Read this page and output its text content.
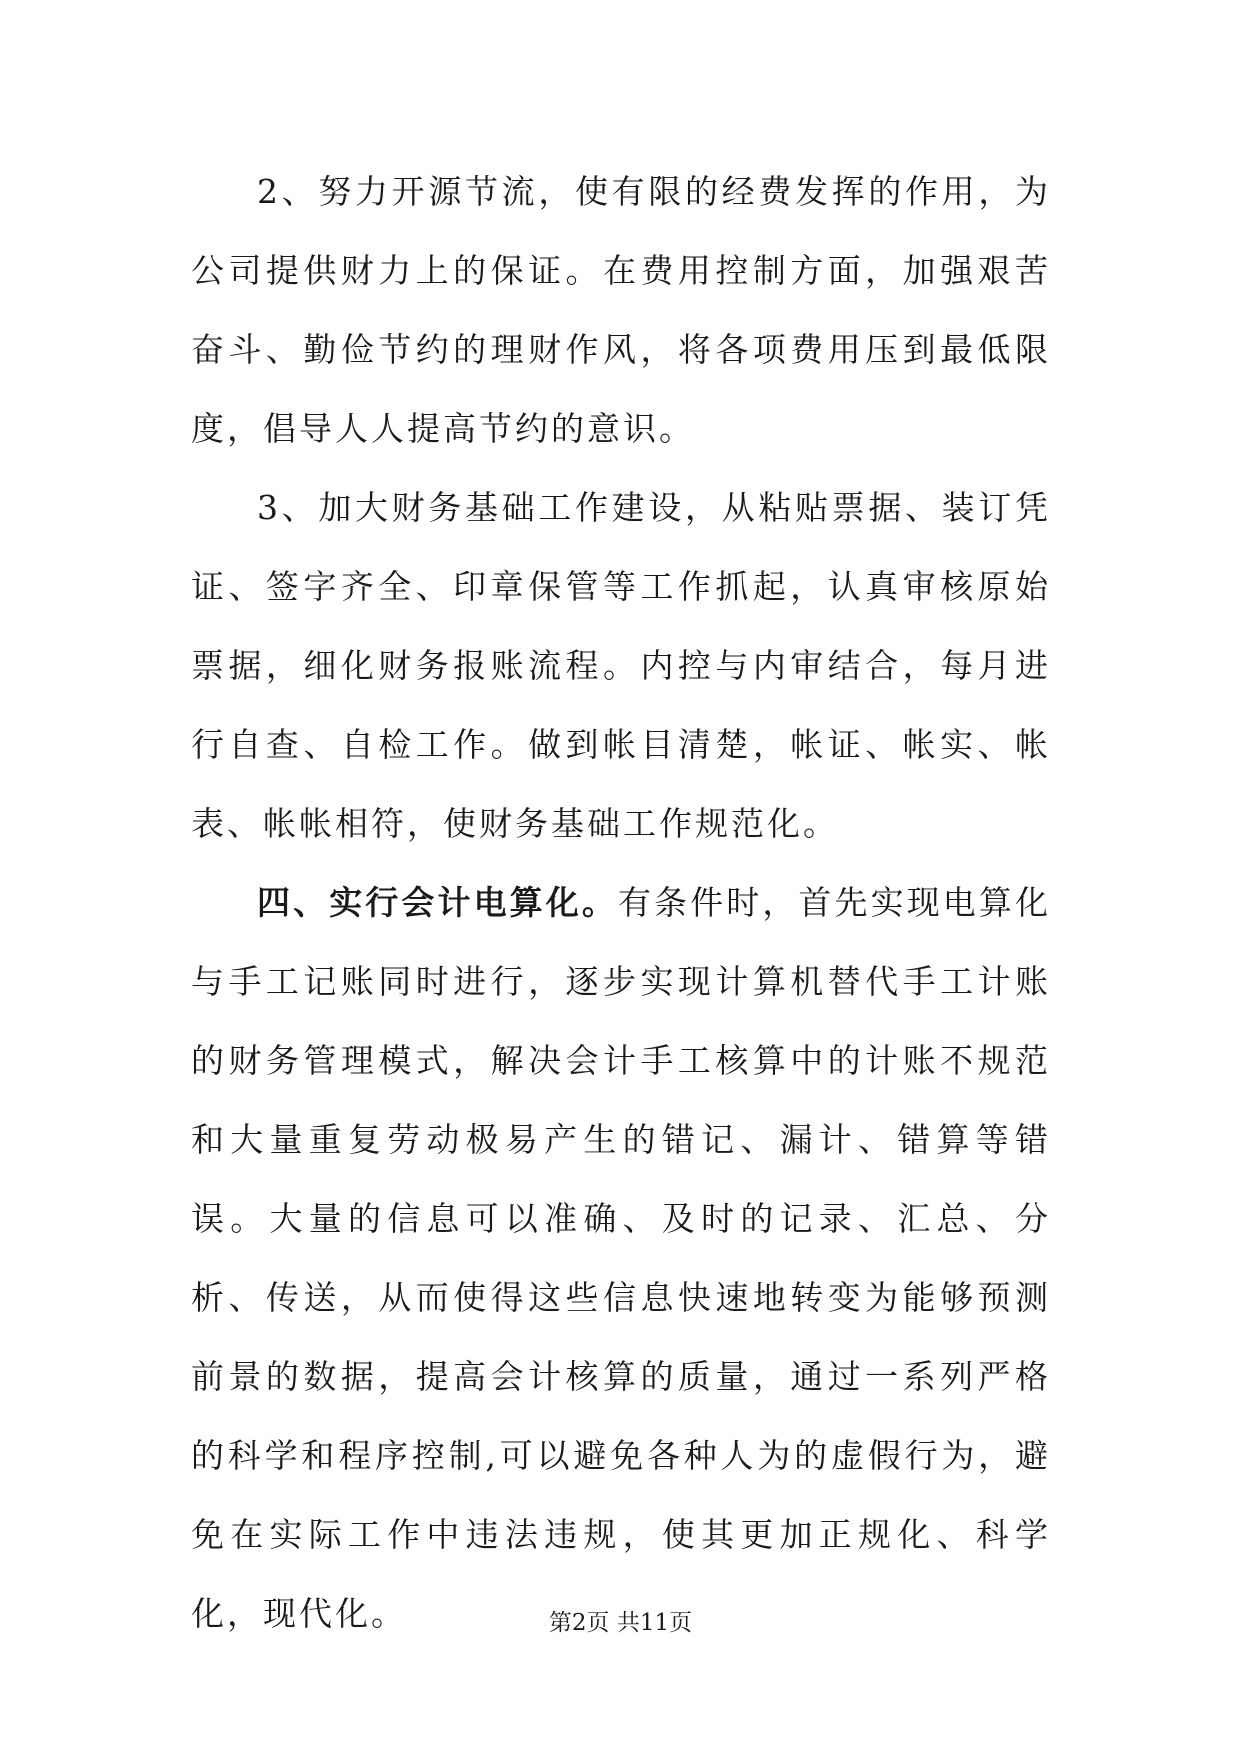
2、努力开源节流，使有限的经费发挥的作用，为公司提供财力上的保证。在费用控制方面，加强艰苦奋斗、勤俭节约的理财作风，将各项费用压到最低限度，倡导人人提高节约的意识。

3、加大财务基础工作建设，从粘贴票据、装订凭证、签字齐全、印章保管等工作抓起，认真审核原始票据，细化财务报账流程。内控与内审结合，每月进行自查、自检工作。做到帐目清楚，帐证、帐实、帐表、帐帐相符，使财务基础工作规范化。

四、实行会计电算化。有条件时，首先实现电算化与手工记账同时进行，逐步实现计算机替代手工计账的财务管理模式，解决会计手工核算中的计账不规范和大量重复劳动极易产生的错记、漏计、错算等错误。大量的信息可以准确、及时的记录、汇总、分析、传送，从而使得这些信息快速地转变为能够预测前景的数据，提高会计核算的质量，通过一系列严格的科学和程序控制,可以避免各种人为的虚假行为，避免在实际工作中违法违规，使其更加正规化、科学化，现代化。	第2页 共11页
